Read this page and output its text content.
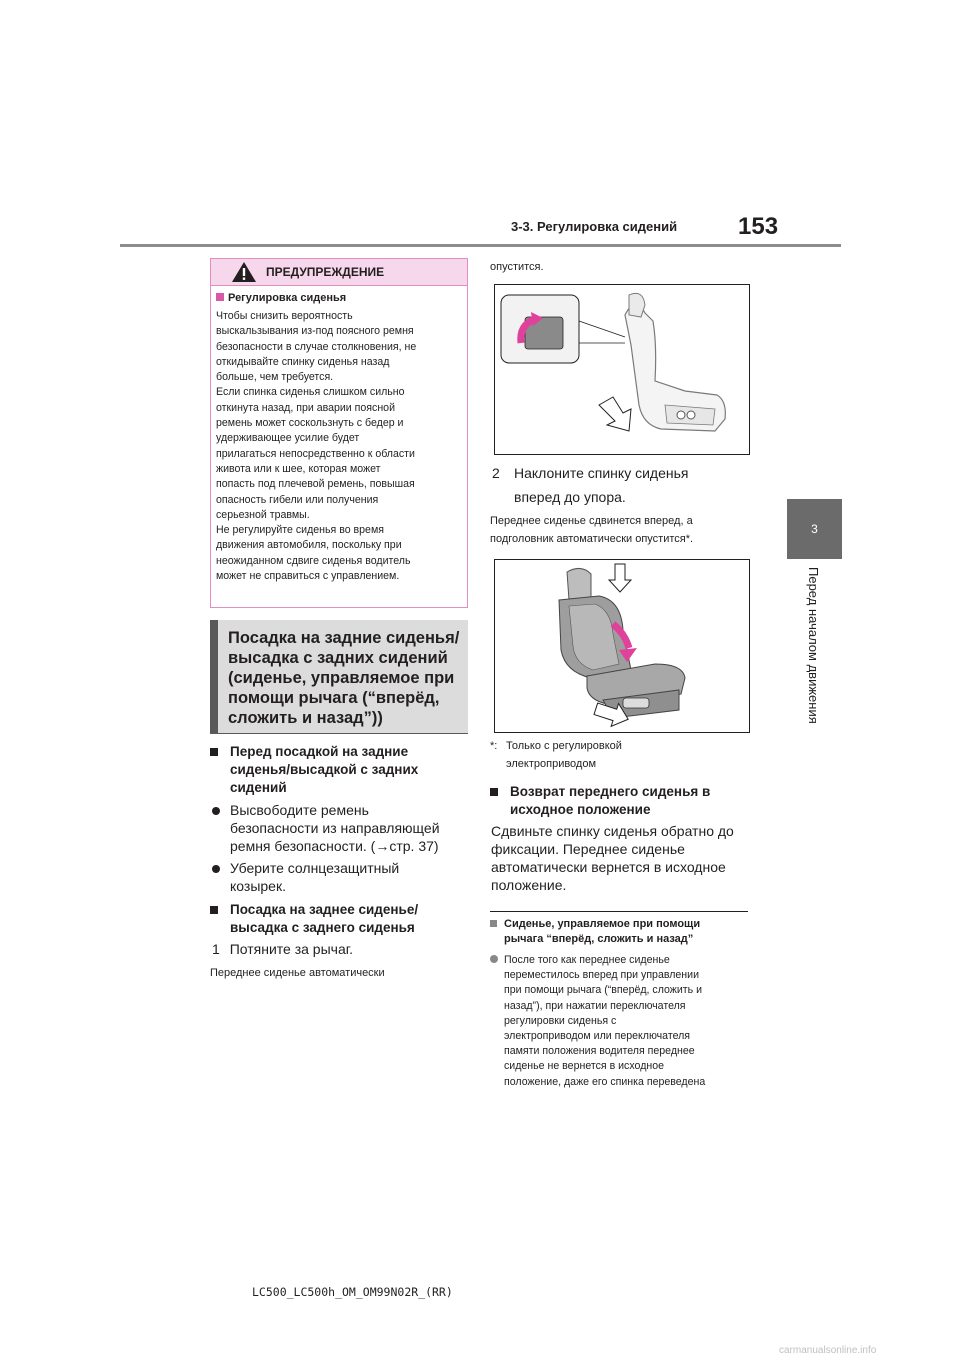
3-3. Регулировка сидений	153
3
Перед началом движения
ПРЕДУПРЕЖДЕНИЕ
Регулировка сиденья
Чтобы снизить вероятность
выскальзывания из-под поясного ремня
безопасности в случае столкновения, не
откидывайте спинку сиденья назад
больше, чем требуется.
Если спинка сиденья слишком сильно
откинута назад, при аварии поясной
ремень может соскользнуть с бедер и
удерживающее усилие будет
прилагаться непосредственно к области
живота или к шее, которая может
попасть под плечевой ремень, повышая
опасность гибели или получения
серьезной травмы.
Не регулируйте сиденья во время
движения автомобиля, поскольку при
неожиданном сдвиге сиденья водитель
может не справиться с управлением.
Посадка на задние сиденья/
высадка с задних сидений
(сиденье, управляемое при
помощи рычага (“вперёд,
сложить и назад”))
Перед посадкой на задние
сиденья/высадкой с задних
сидений
Высвободите ремень
безопасности из направляющей
ремня безопасности. (→стр. 37)
Уберите солнцезащитный
козырек.
Посадка на заднее сиденье/
высадка с заднего сиденья
1 Потяните за рычаг.
Переднее сиденье автоматически
опустится.
2	Наклоните спинку сиденья
вперед до упора.
Переднее сиденье сдвинется вперед, а
подголовник автоматически опустится*.
*: Только с регулировкой
электроприводом
Возврат переднего сиденья в
исходное положение
Сдвиньте спинку сиденья обратно до
фиксации. Переднее сиденье
автоматически вернется в исходное
положение.
Сиденье, управляемое при помощи
рычага “вперёд, сложить и назад”
После того как переднее сиденье
переместилось вперед при управлении
при помощи рычага (“вперёд, сложить и
назад”), при нажатии переключателя
регулировки сиденья с
электроприводом или переключателя
памяти положения водителя переднее
сиденье не вернется в исходное
положение, даже его спинка переведена
LC500_LC500h_OM_OM99N02R_(RR)
carmanualsonline.info
